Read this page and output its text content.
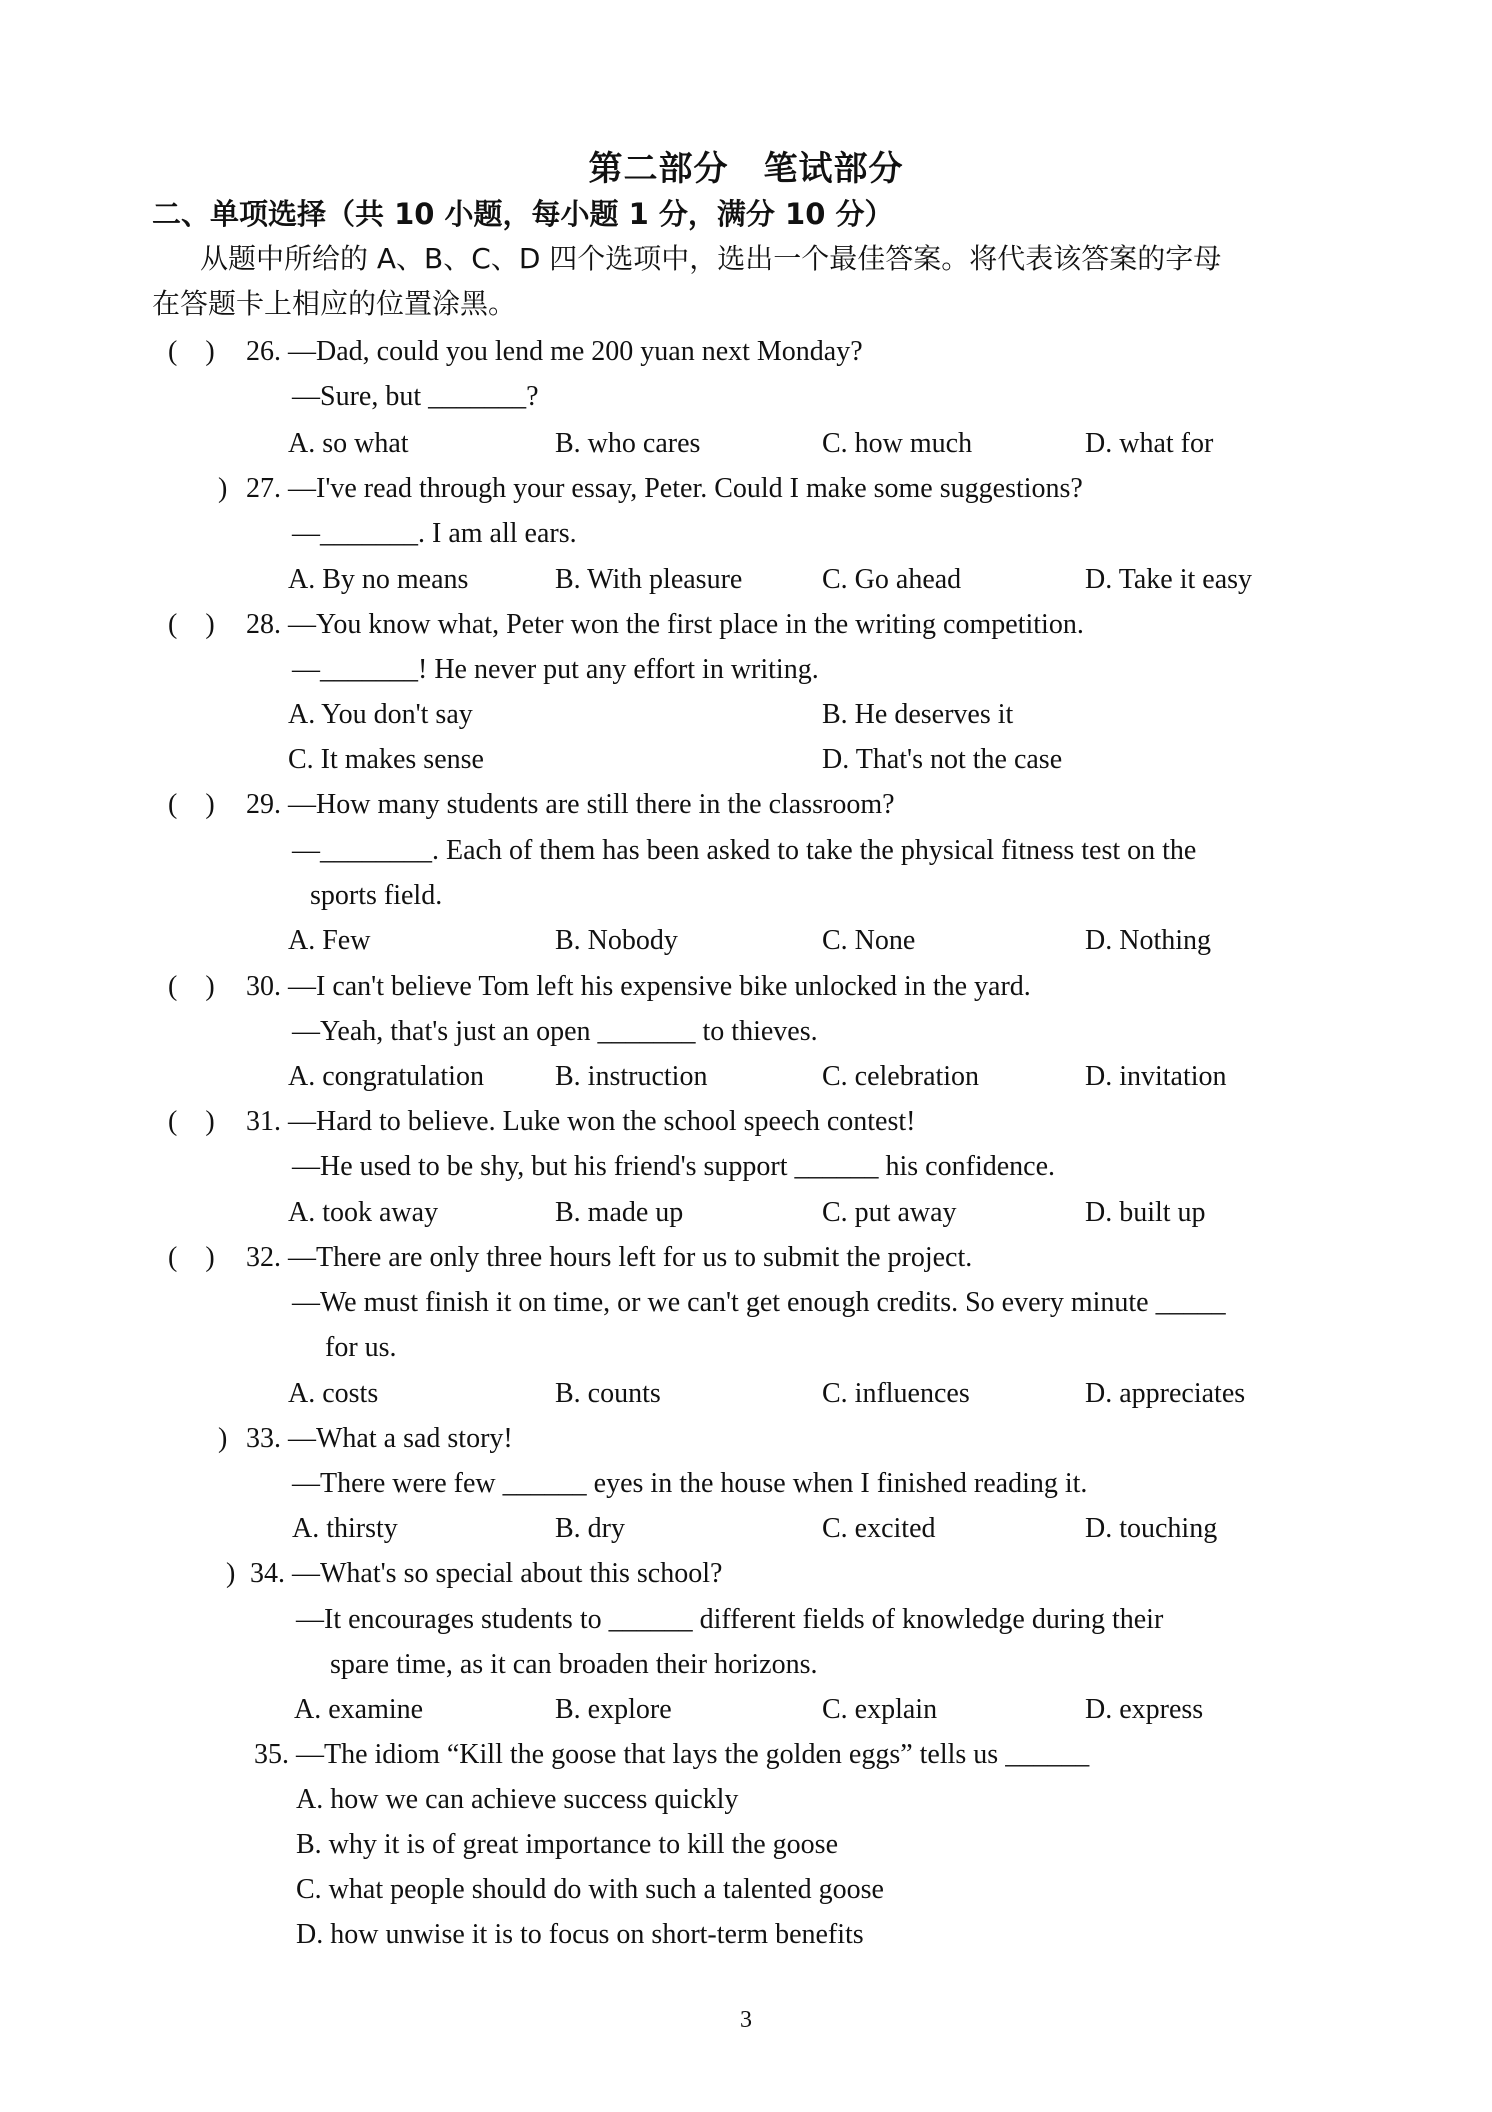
第二部分　笔试部分
二、单项选择（共 10 小题，每小题 1 分，满分 10 分）
从题中所给的 A、B、C、D 四个选项中，选出一个最佳答案。将代表该答案的字母
在答题卡上相应的位置涂黑。
(　) 26. —Dad, could you lend me 200 yuan next Monday?
—Sure, but _______?
A. so what	B. who cares	C. how much	D. what for
) 27. —I've read through your essay, Peter. Could I make some suggestions?
—_______. I am all ears.
A. By no means	B. With pleasure	C. Go ahead	D. Take it easy
(　) 28. —You know what, Peter won the first place in the writing competition.
—_______! He never put any effort in writing.
A. You don't say	B. He deserves it
C. It makes sense	D. That's not the case
(　) 29. —How many students are still there in the classroom?
—________. Each of them has been asked to take the physical fitness test on the
sports field.
A. Few	B. Nobody	C. None	D. Nothing
(　) 30. —I can't believe Tom left his expensive bike unlocked in the yard.
—Yeah, that's just an open _______ to thieves.
A. congratulation	B. instruction	C. celebration	D. invitation
(　) 31. —Hard to believe. Luke won the school speech contest!
—He used to be shy, but his friend's support ______ his confidence.
A. took away	B. made up	C. put away	D. built up
(　) 32. —There are only three hours left for us to submit the project.
—We must finish it on time, or we can't get enough credits. So every minute _____
for us.
A. costs	B. counts	C. influences	D. appreciates
) 33. —What a sad story!
—There were few ______ eyes in the house when I finished reading it.
A. thirsty	B. dry	C. excited	D. touching
) 34. —What's so special about this school?
—It encourages students to ______ different fields of knowledge during their
spare time, as it can broaden their horizons.
A. examine	B. explore	C. explain	D. express
35. —The idiom “Kill the goose that lays the golden eggs” tells us ______
A. how we can achieve success quickly
B. why it is of great importance to kill the goose
C. what people should do with such a talented goose
D. how unwise it is to focus on short-term benefits
3
